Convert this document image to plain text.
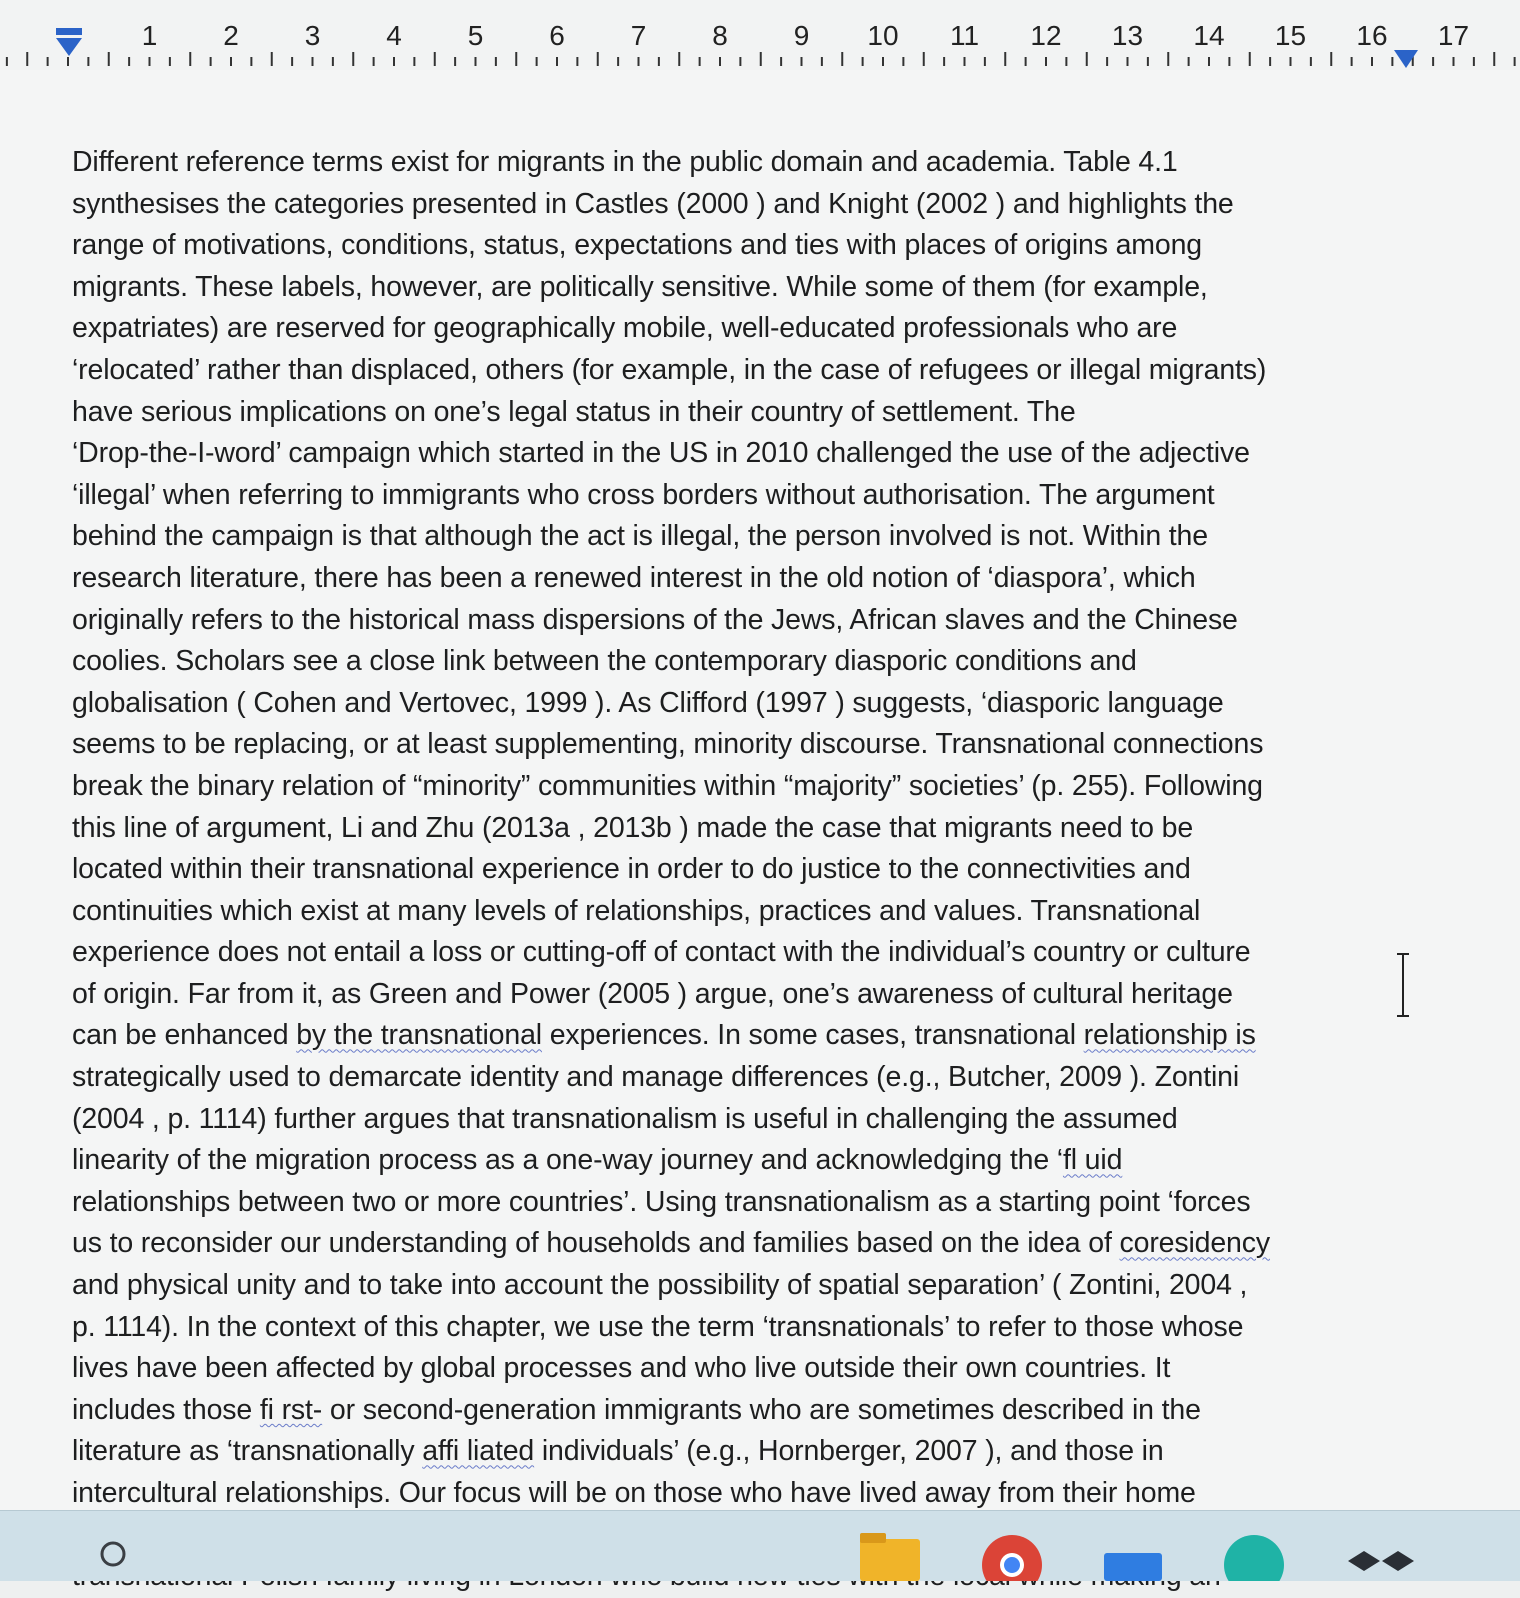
1 2 3 4 5 6 7 8 9 10 11 12 13 14 15 16 17
Different reference terms exist for migrants in the public domain and academia. Table 4.1
synthesises the categories presented in Castles (2000 ) and Knight (2002 ) and highlights the
range of motivations, conditions, status, expectations and ties with places of origins among
migrants. These labels, however, are politically sensitive. While some of them (for example,
expatriates) are reserved for geographically mobile, well-educated professionals who are
‘relocated’ rather than displaced, others (for example, in the case of refugees or illegal migrants)
have serious implications on one’s legal status in their country of settlement. The
‘Drop-the-I-word’ campaign which started in the US in 2010 challenged the use of the adjective
‘illegal’ when referring to immigrants who cross borders without authorisation. The argument
behind the campaign is that although the act is illegal, the person involved is not. Within the
research literature, there has been a renewed interest in the old notion of ‘diaspora’, which
originally refers to the historical mass dispersions of the Jews, African slaves and the Chinese
coolies. Scholars see a close link between the contemporary diasporic conditions and
globalisation ( Cohen and Vertovec, 1999 ). As Clifford (1997 ) suggests, ‘diasporic language
seems to be replacing, or at least supplementing, minority discourse. Transnational connections
break the binary relation of “minority” communities within “majority” societies’ (p. 255). Following
this line of argument, Li and Zhu (2013a , 2013b ) made the case that migrants need to be
located within their transnational experience in order to do justice to the connectivities and
continuities which exist at many levels of relationships, practices and values. Transnational
experience does not entail a loss or cutting-off of contact with the individual’s country or culture
of origin. Far from it, as Green and Power (2005 ) argue, one’s awareness of cultural heritage
can be enhanced by the transnational experiences. In some cases, transnational relationship is
strategically used to demarcate identity and manage differences (e.g., Butcher, 2009 ). Zontini
(2004 , p. 1114) further argues that transnationalism is useful in challenging the assumed
linearity of the migration process as a one-way journey and acknowledging the ‘fl uid
relationships between two or more countries’. Using transnationalism as a starting point ‘forces
us to reconsider our understanding of households and families based on the idea of coresidency
and physical unity and to take into account the possibility of spatial separation’ ( Zontini, 2004 ,
p. 1114). In the context of this chapter, we use the term ‘transnationals’ to refer to those whose
lives have been affected by global processes and who live outside their own countries. It
includes those fi rst- or second-generation immigrants who are sometimes described in the
literature as ‘transnationally affi liated individuals’ (e.g., Hornberger, 2007 ), and those in
intercultural relationships. Our focus will be on those who have lived away from their home
